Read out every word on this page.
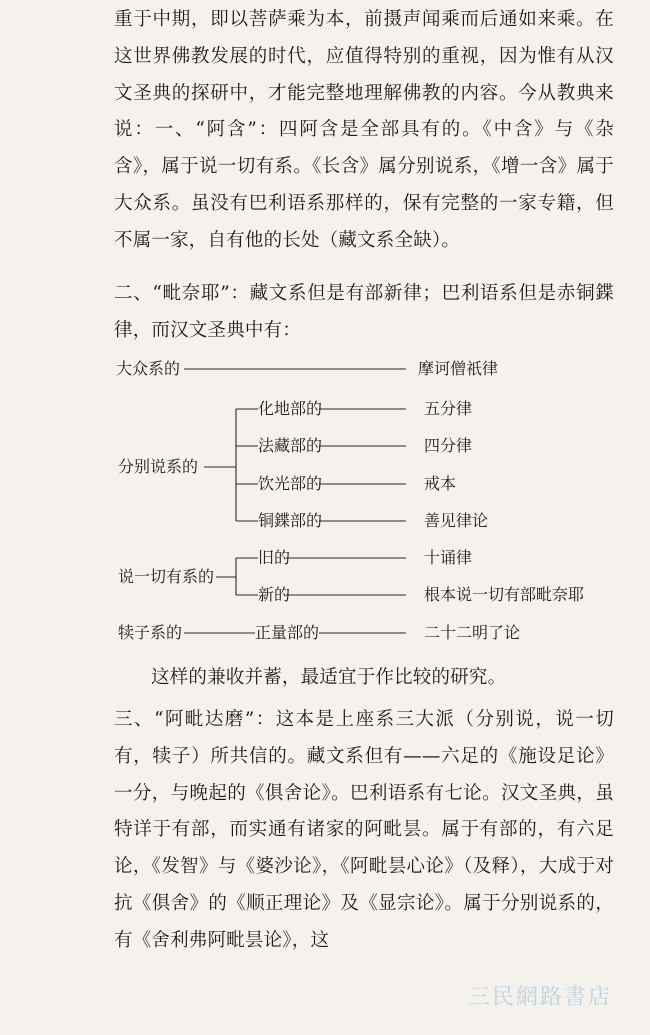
重于中期，即以菩萨乘为本，前摄声闻乘而后通如来乘。在这世界佛教发展的时代，应值得特别的重视，因为惟有从汉文圣典的探研中，才能完整地理解佛教的内容。今从教典来说：一、“阿含”：四阿含是全部具有的。《中含》与《杂含》，属于说一切有系。《长含》属分别说系，《增一含》属于大众系。虽没有巴利语系那样的，保有完整的一家专籍，但不属一家，自有他的长处（藏文系全缺）。

二、“毗奈耶”：藏文系但是有部新律；巴利语系但是赤铜鍱律，而汉文圣典中有：

大众系的	摩诃僧祇律
分别说系的
化地部的	五分律
法藏部的	四分律
饮光部的	戒本
铜鍱部的	善见律论
说一切有系的
旧的	十诵律
新的	根本说一切有部毗奈耶
犊子系的	正量部的	二十二明了论

这样的兼收并蓄，最适宜于作比较的研究。

三、“阿毗达磨”：这本是上座系三大派（分别说，说一切有，犊子）所共信的。藏文系但有——六足的《施设足论》一分，与晚起的《俱舍论》。巴利语系有七论。汉文圣典，虽特详于有部，而实通有诸家的阿毗昙。属于有部的，有六足论，《发智》与《婆沙论》，《阿毗昙心论》（及释），大成于对抗《俱舍》的《顺正理论》及《显宗论》。属于分别说系的，有《舍利弗阿毗昙论》，这

三民網路書店
